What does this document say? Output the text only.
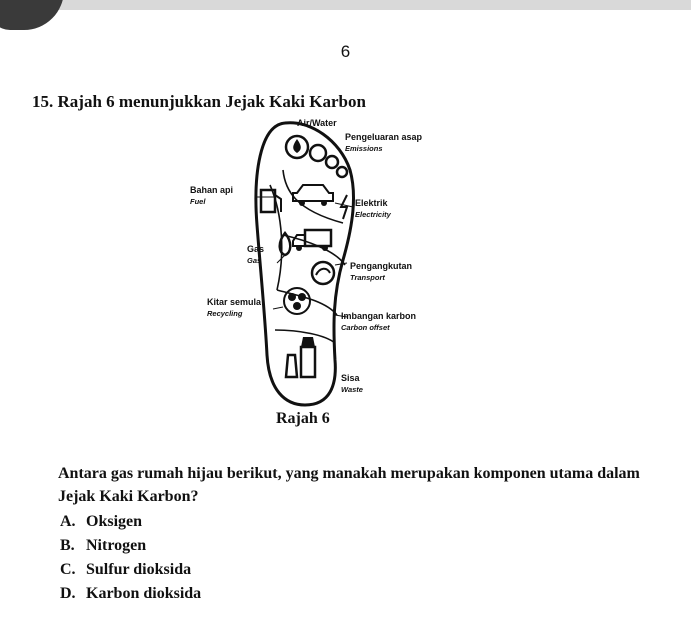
6
15. Rajah 6 menunjukkan Jejak Kaki Karbon
Air/Water
Pengeluaran asap
Emissions
Bahan api
Fuel	Elektrik
Electricity
Gas
Gas
Pengangkutan
Transport
Kitar semula
Recycling	Imbangan karbon
Carbon offset
Sisa
Waste
Rajah 6
Antara gas rumah hijau berikut, yang manakah merupakan komponen utama dalam
Jejak Kaki Karbon?
A. Oksigen
B. Nitrogen
C. Sulfur dioksida
D. Karbon dioksida
